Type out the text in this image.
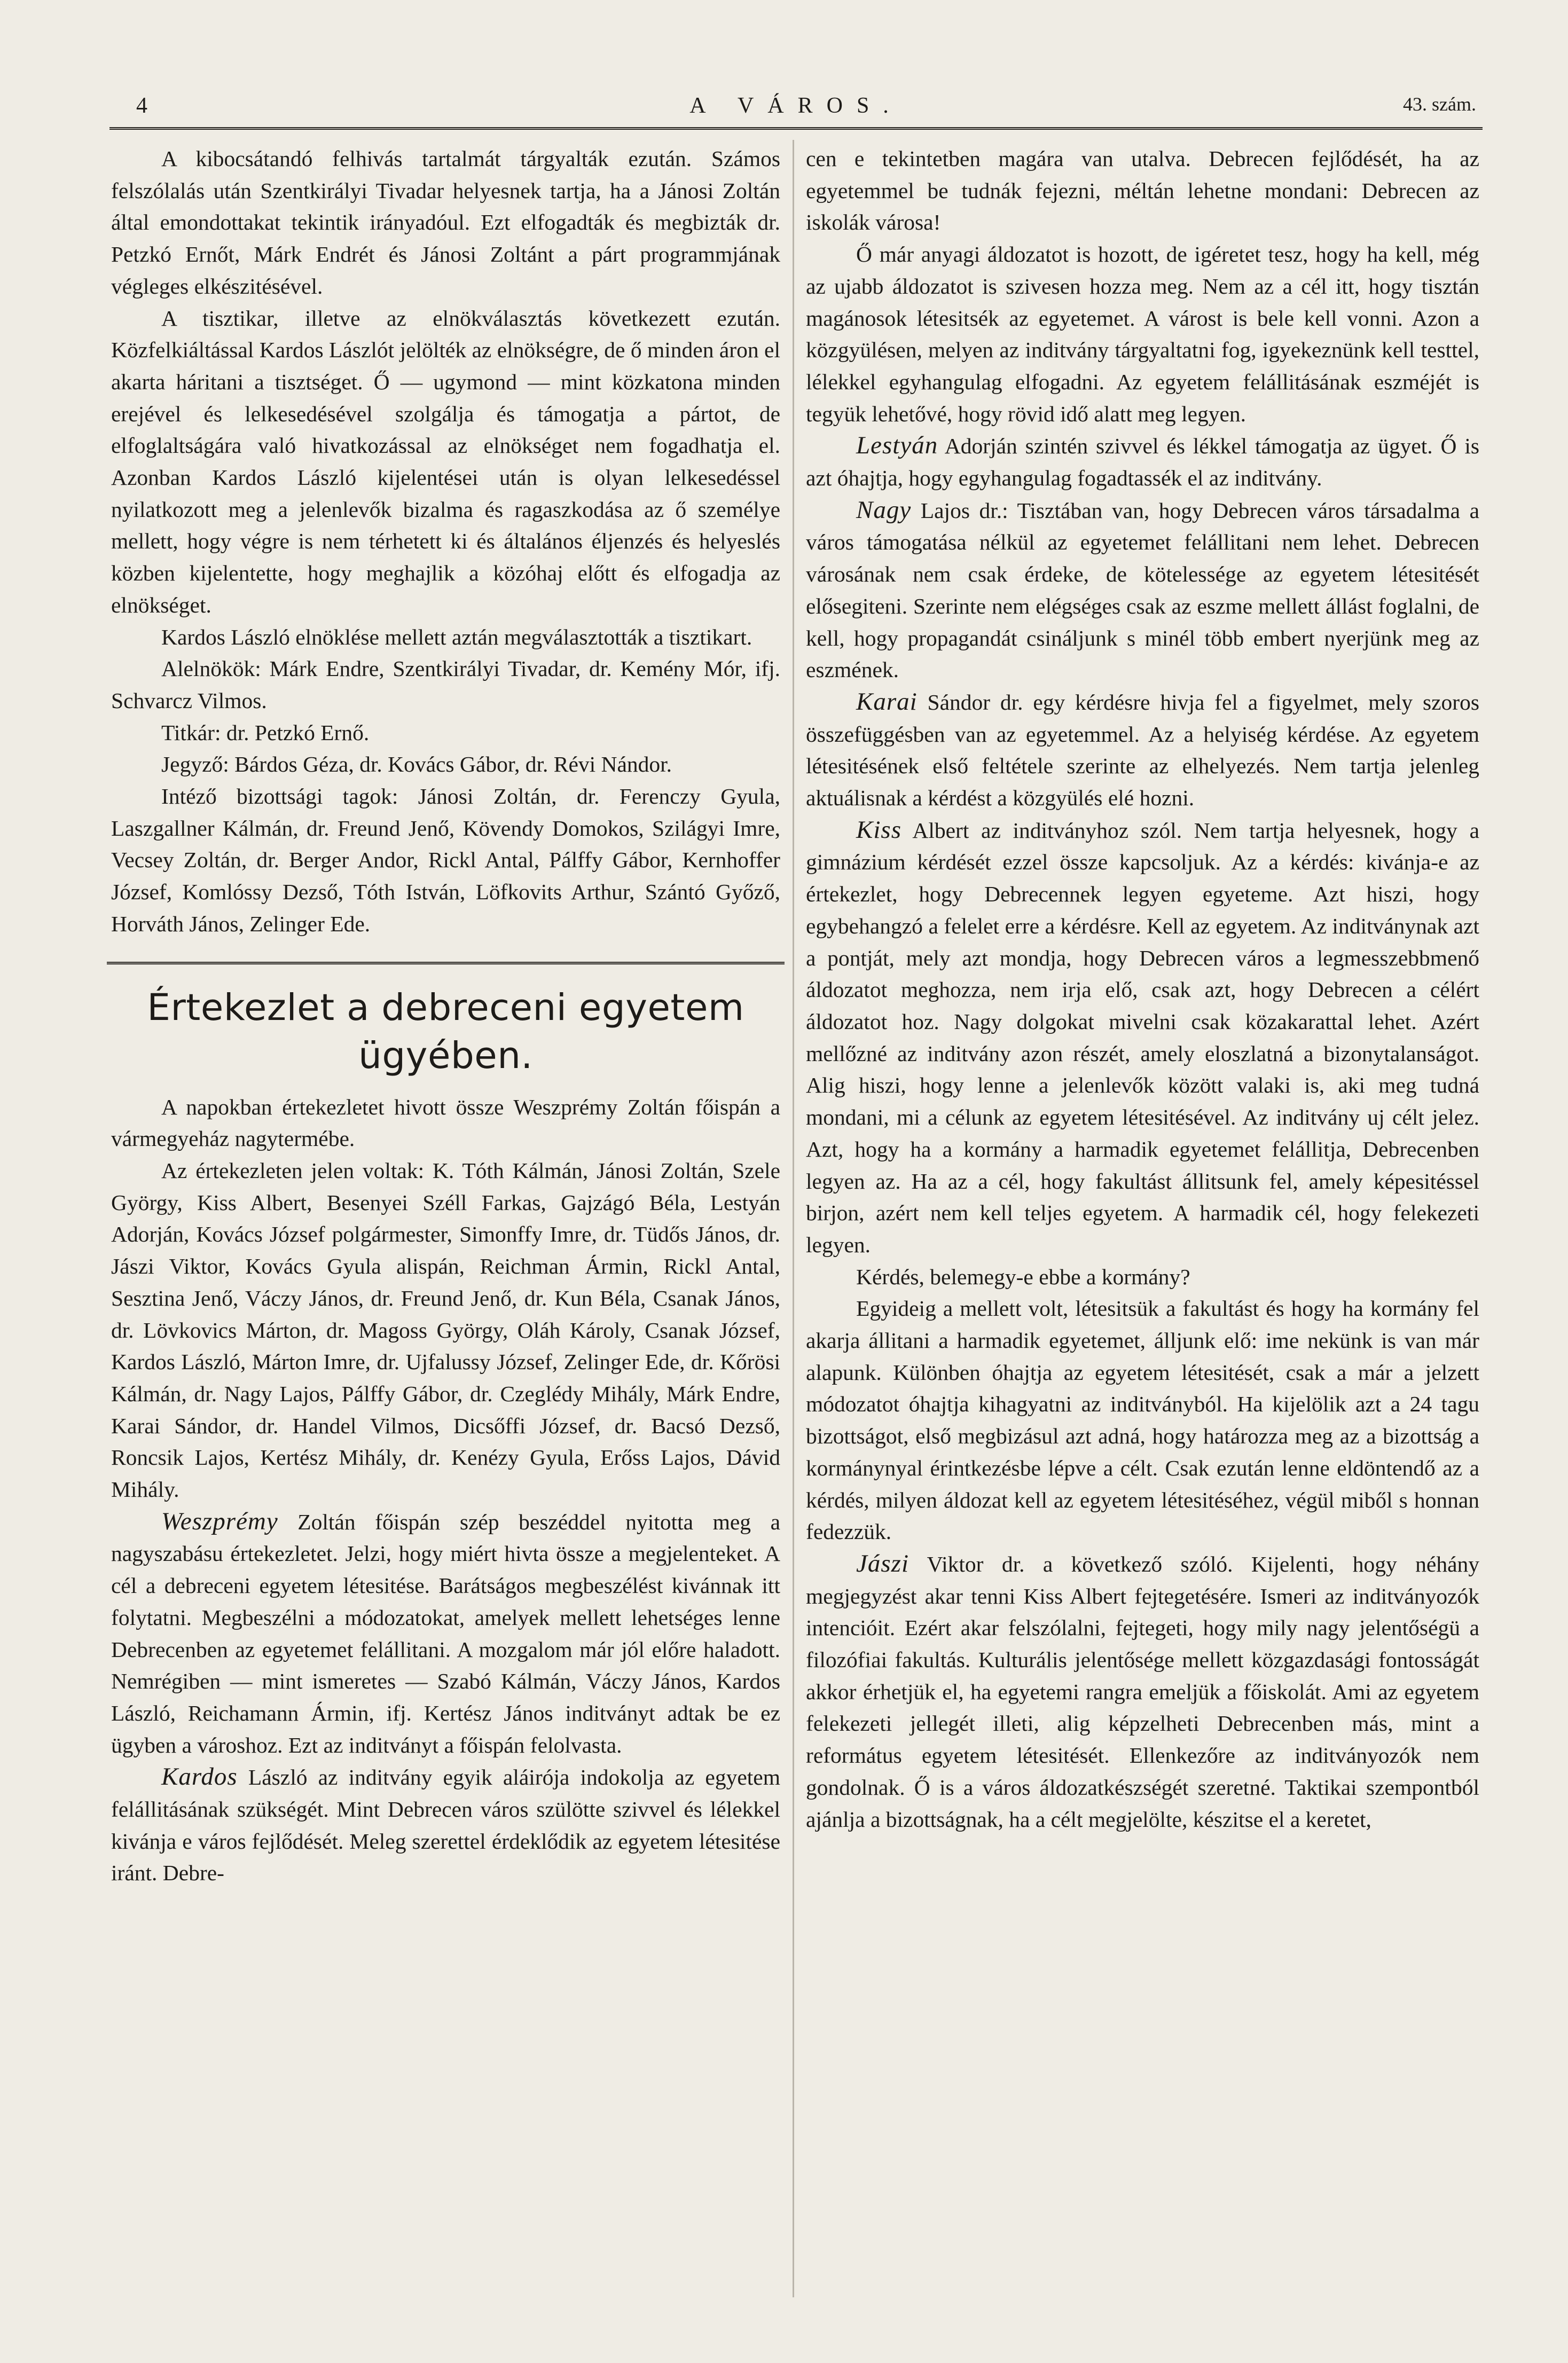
4	A VÁROS.	43. szám.

A kibocsátandó felhivás tartalmát tárgyalták ezután. Számos felszólalás után Szentkirályi Tivadar helyesnek tartja, ha a Jánosi Zoltán által emondottakat tekintik irányadóul. Ezt elfogadták és megbizták dr. Petzkó Ernőt, Márk Endrét és Jánosi Zoltánt a párt programmjának végleges elkészitésével.

A tisztikar, illetve az elnökválasztás következett ezután. Közfelkiáltással Kardos Lászlót jelölték az elnökségre, de ő minden áron el akarta háritani a tisztséget. Ő — ugymond — mint közkatona minden erejével és lelkesedésével szolgálja és támogatja a pártot, de elfoglaltságára való hivatkozással az elnökséget nem fogadhatja el. Azonban Kardos László kijelentései után is olyan lelkesedéssel nyilatkozott meg a jelenlevők bizalma és ragaszkodása az ő személye mellett, hogy végre is nem térhetett ki és általános éljenzés és helyeslés közben kijelentette, hogy meghajlik a közóhaj előtt és elfogadja az elnökséget.

Kardos László elnöklése mellett aztán megválasztották a tisztikart.

Alelnökök: Márk Endre, Szentkirályi Tivadar, dr. Kemény Mór, ifj. Schvarcz Vilmos.

Titkár: dr. Petzkó Ernő.

Jegyző: Bárdos Géza, dr. Kovács Gábor, dr. Révi Nándor.

Intéző bizottsági tagok: Jánosi Zoltán, dr. Ferenczy Gyula, Laszgallner Kálmán, dr. Freund Jenő, Kövendy Domokos, Szilágyi Imre, Vecsey Zoltán, dr. Berger Andor, Rickl Antal, Pálffy Gábor, Kernhoffer József, Komlóssy Dezső, Tóth István, Löfkovits Arthur, Szántó Győző, Horváth János, Zelinger Ede.

Értekezlet a debreceni egyetem ügyében.

A napokban értekezletet hivott össze Weszprémy Zoltán főispán a vármegyeház nagytermébe.

Az értekezleten jelen voltak: K. Tóth Kálmán, Jánosi Zoltán, Szele György, Kiss Albert, Besenyei Széll Farkas, Gajzágó Béla, Lestyán Adorján, Kovács József polgármester, Simonffy Imre, dr. Tüdős János, dr. Jászi Viktor, Kovács Gyula alispán, Reichman Ármin, Rickl Antal, Sesztina Jenő, Váczy János, dr. Freund Jenő, dr. Kun Béla, Csanak János, dr. Lövkovics Márton, dr. Magoss György, Oláh Károly, Csanak József, Kardos László, Márton Imre, dr. Ujfalussy József, Zelinger Ede, dr. Kőrösi Kálmán, dr. Nagy Lajos, Pálffy Gábor, dr. Czeglédy Mihály, Márk Endre, Karai Sándor, dr. Handel Vilmos, Dicsőffi József, dr. Bacsó Dezső, Roncsik Lajos, Kertész Mihály, dr. Kenézy Gyula, Erőss Lajos, Dávid Mihály.

Weszprémy Zoltán főispán szép beszéddel nyitotta meg a nagyszabásu értekezletet. Jelzi, hogy miért hivta össze a megjelenteket. A cél a debreceni egyetem létesitése. Barátságos megbeszélést kivánnak itt folytatni. Megbeszélni a módozatokat, amelyek mellett lehetséges lenne Debrecenben az egyetemet felállitani. A mozgalom már jól előre haladott. Nemrégiben — mint ismeretes — Szabó Kálmán, Váczy János, Kardos László, Reichamann Ármin, ifj. Kertész János inditványt adtak be ez ügyben a városhoz. Ezt az inditványt a főispán felolvasta.

Kardos László az inditvány egyik aláirója indokolja az egyetem felállitásának szükségét. Mint Debrecen város szülötte szivvel és lélekkel kivánja e város fejlődését. Meleg szerettel érdeklődik az egyetem létesitése iránt. Debre-

cen e tekintetben magára van utalva. Debrecen fejlődését, ha az egyetemmel be tudnák fejezni, méltán lehetne mondani: Debrecen az iskolák városa!

Ő már anyagi áldozatot is hozott, de igéretet tesz, hogy ha kell, még az ujabb áldozatot is szivesen hozza meg. Nem az a cél itt, hogy tisztán magánosok létesitsék az egyetemet. A várost is bele kell vonni. Azon a közgyülésen, melyen az inditvány tárgyaltatni fog, igyekeznünk kell testtel, lélekkel egyhangulag elfogadni. Az egyetem felállitásának eszméjét is tegyük lehetővé, hogy rövid idő alatt meg legyen.

Lestyán Adorján szintén szivvel és lékkel támogatja az ügyet. Ő is azt óhajtja, hogy egyhangulag fogadtassék el az inditvány.

Nagy Lajos dr.: Tisztában van, hogy Debrecen város társadalma a város támogatása nélkül az egyetemet felállitani nem lehet. Debrecen városának nem csak érdeke, de kötelessége az egyetem létesitését elősegiteni. Szerinte nem elégséges csak az eszme mellett állást foglalni, de kell, hogy propagandát csináljunk s minél több embert nyerjünk meg az eszmének.

Karai Sándor dr. egy kérdésre hivja fel a figyelmet, mely szoros összefüggésben van az egyetemmel. Az a helyiség kérdése. Az egyetem létesitésének első feltétele szerinte az elhelyezés. Nem tartja jelenleg aktuálisnak a kérdést a közgyülés elé hozni.

Kiss Albert az inditványhoz szól. Nem tartja helyesnek, hogy a gimnázium kérdését ezzel össze kapcsoljuk. Az a kérdés: kivánja-e az értekezlet, hogy Debrecennek legyen egyeteme. Azt hiszi, hogy egybehangzó a felelet erre a kérdésre. Kell az egyetem. Az inditványnak azt a pontját, mely azt mondja, hogy Debrecen város a legmesszebbmenő áldozatot meghozza, nem irja elő, csak azt, hogy Debrecen a célért áldozatot hoz. Nagy dolgokat mivelni csak közakarattal lehet. Azért mellőzné az inditvány azon részét, amely eloszlatná a bizonytalanságot. Alig hiszi, hogy lenne a jelenlevők között valaki is, aki meg tudná mondani, mi a célunk az egyetem létesitésével. Az inditvány uj célt jelez. Azt, hogy ha a kormány a harmadik egyetemet felállitja, Debrecenben legyen az. Ha az a cél, hogy fakultást állitsunk fel, amely képesitéssel birjon, azért nem kell teljes egyetem. A harmadik cél, hogy felekezeti legyen.

Kérdés, belemegy-e ebbe a kormány?

Egyideig a mellett volt, létesitsük a fakultást és hogy ha kormány fel akarja állitani a harmadik egyetemet, álljunk elő: ime nekünk is van már alapunk. Különben óhajtja az egyetem létesitését, csak a már a jelzett módozatot óhajtja kihagyatni az inditványból. Ha kijelölik azt a 24 tagu bizottságot, első megbizásul azt adná, hogy határozza meg az a bizottság a kormánynyal érintkezésbe lépve a célt. Csak ezután lenne eldöntendő az a kérdés, milyen áldozat kell az egyetem létesitéséhez, végül miből s honnan fedezzük.

Jászi Viktor dr. a következő szóló. Kijelenti, hogy néhány megjegyzést akar tenni Kiss Albert fejtegetésére. Ismeri az inditványozók intencióit. Ezért akar felszólalni, fejtegeti, hogy mily nagy jelentőségü a filozófiai fakultás. Kulturális jelentősége mellett közgazdasági fontosságát akkor érhetjük el, ha egyetemi rangra emeljük a főiskolát. Ami az egyetem felekezeti jellegét illeti, alig képzelheti Debrecenben más, mint a református egyetem létesitését. Ellenkezőre az inditványozók nem gondolnak. Ő is a város áldozatkészségét szeretné. Taktikai szempontból ajánlja a bizottságnak, ha a célt megjelölte, készitse el a keretet,
